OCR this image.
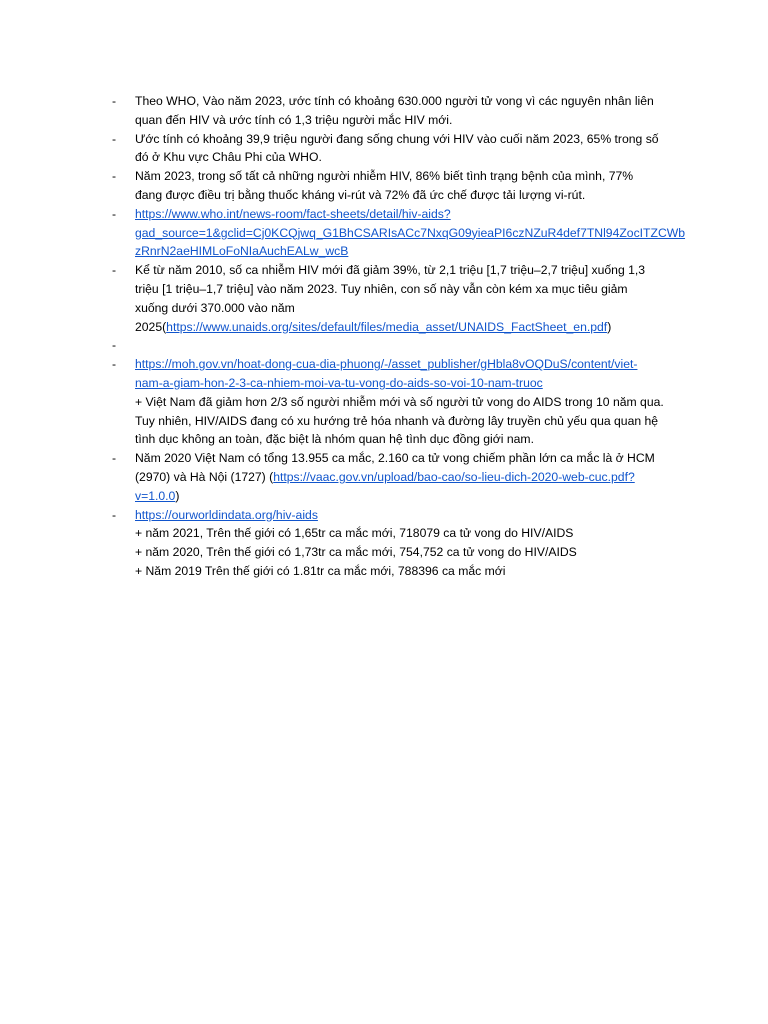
- Theo WHO, Vào năm 2023, ước tính có khoảng 630.000 người tử vong vì các nguyên nhân liên
quan đến HIV và ước tính có 1,3 triệu người mắc HIV mới.
- Ước tính có khoảng 39,9 triệu người đang sống chung với HIV vào cuối năm 2023, 65% trong số
đó ở Khu vực Châu Phi của WHO.
- Năm 2023, trong số tất cả những người nhiễm HIV, 86% biết tình trạng bệnh của mình, 77%
đang được điều trị bằng thuốc kháng vi-rút và 72% đã ức chế được tải lượng vi-rút.
- https://www.who.int/news-room/fact-sheets/detail/hiv-aids?
gad_source=1&gclid=Cj0KCQjwq_G1BhCSARIsACc7NxqG09yieaPI6czNZuR4def7TNl94ZocITZCWb
zRnrN2aeHIMLoFoNIaAuchEALw_wcB
- Kể từ năm 2010, số ca nhiễm HIV mới đã giảm 39%, từ 2,1 triệu [1,7 triệu–2,7 triệu] xuống 1,3
triệu [1 triệu–1,7 triệu] vào năm 2023. Tuy nhiên, con số này vẫn còn kém xa mục tiêu giảm
xuống dưới 370.000 vào năm
2025(https://www.unaids.org/sites/default/files/media_asset/UNAIDS_FactSheet_en.pdf)
-
- https://moh.gov.vn/hoat-dong-cua-dia-phuong/-/asset_publisher/gHbla8vOQDuS/content/viet-
nam-a-giam-hon-2-3-ca-nhiem-moi-va-tu-vong-do-aids-so-voi-10-nam-truoc
+ Việt Nam đã giảm hơn 2/3 số người nhiễm mới và số người tử vong do AIDS trong 10 năm qua.
Tuy nhiên, HIV/AIDS đang có xu hướng trẻ hóa nhanh và đường lây truyền chủ yếu qua quan hệ
tình dục không an toàn, đặc biệt là nhóm quan hệ tình dục đồng giới nam.
- Năm 2020 Việt Nam có tổng 13.955 ca mắc, 2.160 ca tử vong chiếm phần lớn ca mắc là ở HCM
(2970) và Hà Nội (1727) (https://vaac.gov.vn/upload/bao-cao/so-lieu-dich-2020-web-cuc.pdf?
v=1.0.0)
- https://ourworldindata.org/hiv-aids
+ năm 2021, Trên thế giới có 1,65tr ca mắc mới, 718079 ca tử vong do HIV/AIDS
+ năm 2020, Trên thế giới có 1,73tr ca mắc mới, 754,752 ca tử vong do HIV/AIDS
+ Năm 2019 Trên thế giới có 1.81tr ca mắc mới, 788396 ca mắc mới
